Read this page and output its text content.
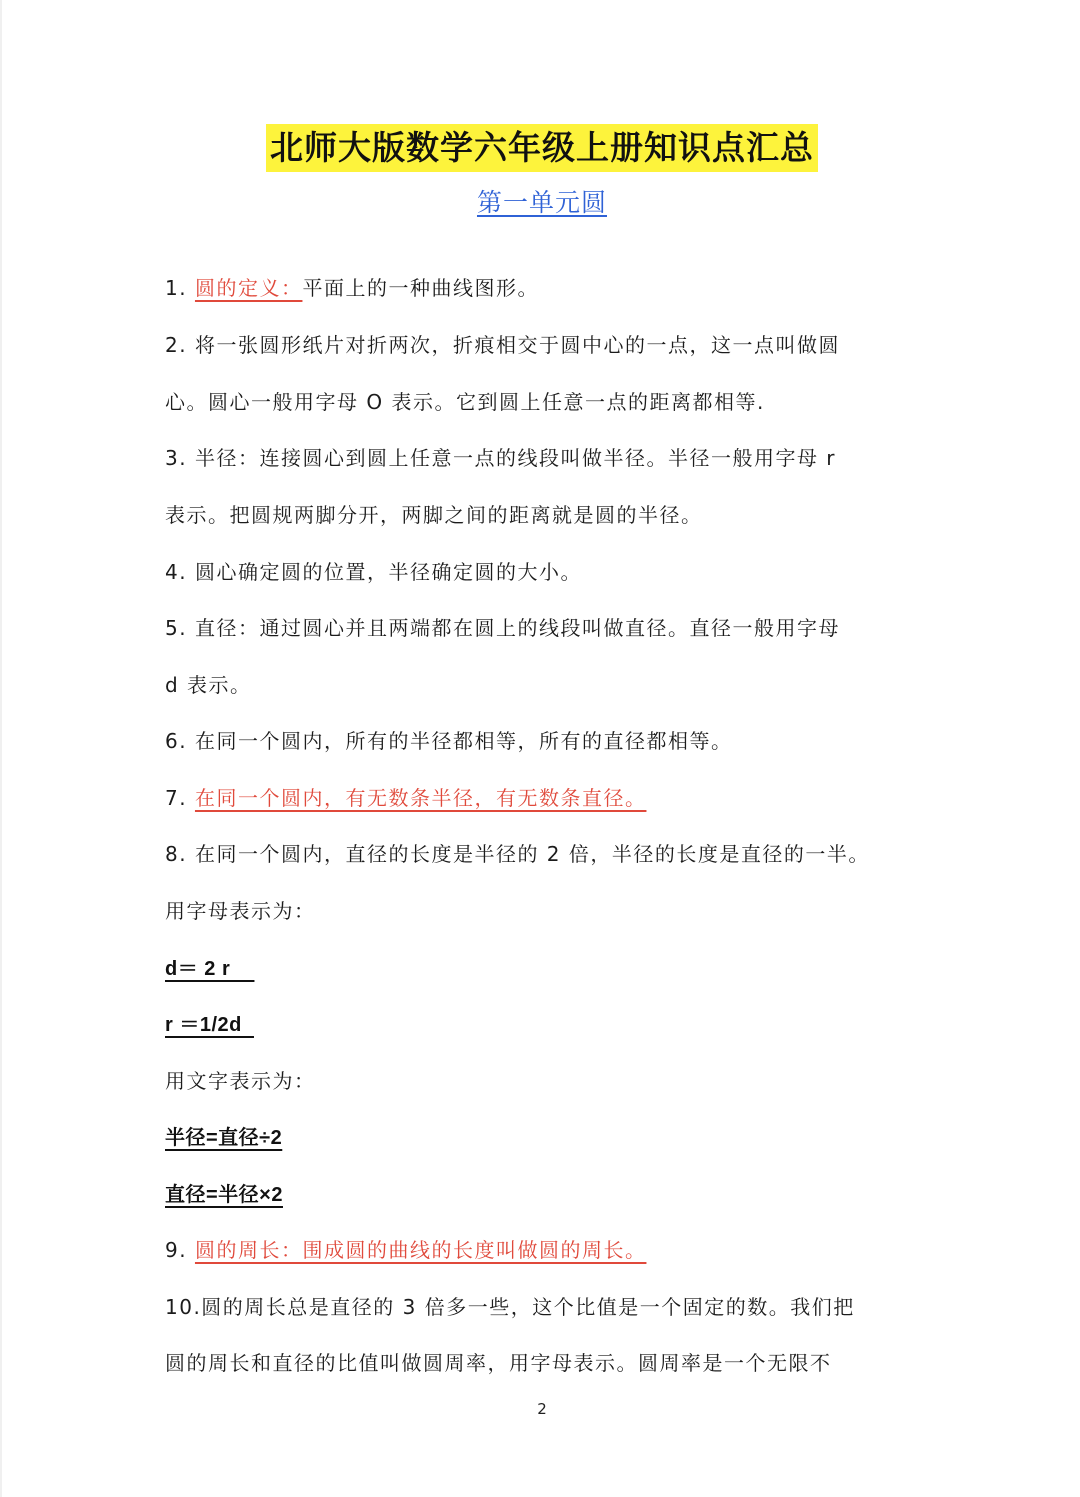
北师大版数学六年级上册知识点汇总
第一单元圆
1. 圆的定义：平面上的一种曲线图形。
2. 将一张圆形纸片对折两次，折痕相交于圆中心的一点，这一点叫做圆
心。圆心一般用字母 O 表示。它到圆上任意一点的距离都相等.
3. 半径：连接圆心到圆上任意一点的线段叫做半径。半径一般用字母 r
表示。把圆规两脚分开，两脚之间的距离就是圆的半径。
4. 圆心确定圆的位置，半径确定圆的大小。
5. 直径：通过圆心并且两端都在圆上的线段叫做直径。直径一般用字母
d 表示。
6. 在同一个圆内，所有的半径都相等，所有的直径都相等。
7. 在同一个圆内，有无数条半径，有无数条直径。
8. 在同一个圆内，直径的长度是半径的 2 倍，半径的长度是直径的一半。
用字母表示为：
d＝ 2 r
r ＝1/2d
用文字表示为：
半径=直径÷2
直径=半径×2
9. 圆的周长：围成圆的曲线的长度叫做圆的周长。
10.圆的周长总是直径的 3 倍多一些，这个比值是一个固定的数。我们把
圆的周长和直径的比值叫做圆周率，用字母表示。圆周率是一个无限不
2
